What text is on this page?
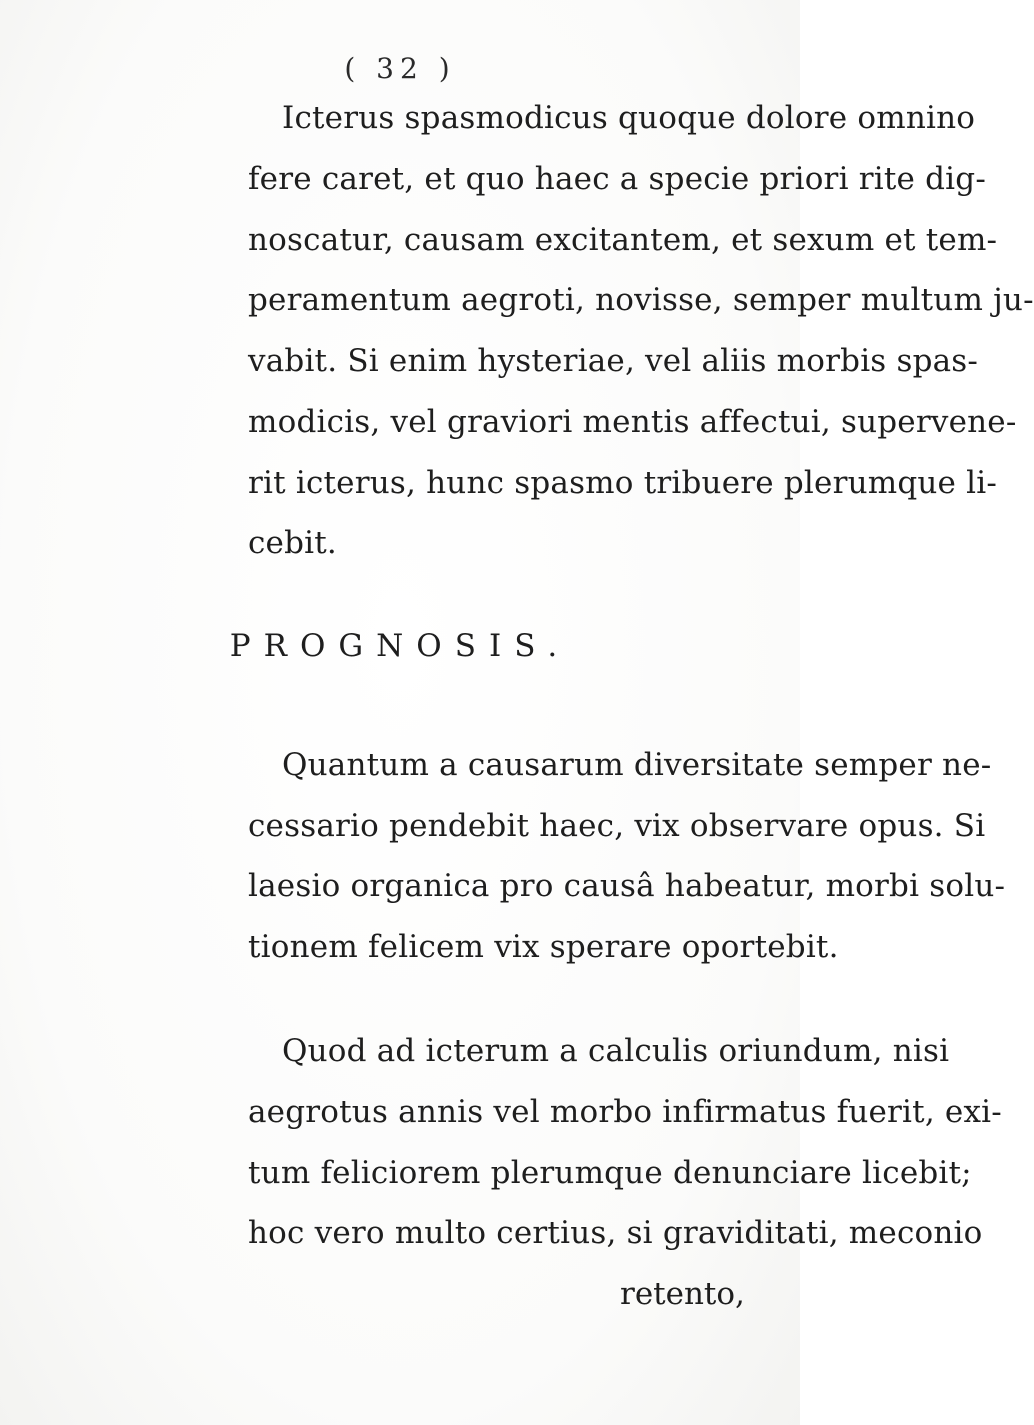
( 32 )
Icterus spasmodicus quoque dolore omnino
fere caret, et quo haec a specie priori rite dig-
noscatur, causam excitantem, et sexum et tem-
peramentum aegroti, novisse, semper multum ju-
vabit. Si enim hysteriae, vel aliis morbis spas-
modicis, vel graviori mentis affectui, supervene-
rit icterus, hunc spasmo tribuere plerumque li-
cebit.
PROGNOSIS.
Quantum a causarum diversitate semper ne-
cessario pendebit haec, vix observare opus. Si
laesio organica pro causâ habeatur, morbi solu-
tionem felicem vix sperare oportebit.
Quod ad icterum a calculis oriundum, nisi
aegrotus annis vel morbo infirmatus fuerit, exi-
tum feliciorem plerumque denunciare licebit;
hoc vero multo certius, si graviditati, meconio
retento,
